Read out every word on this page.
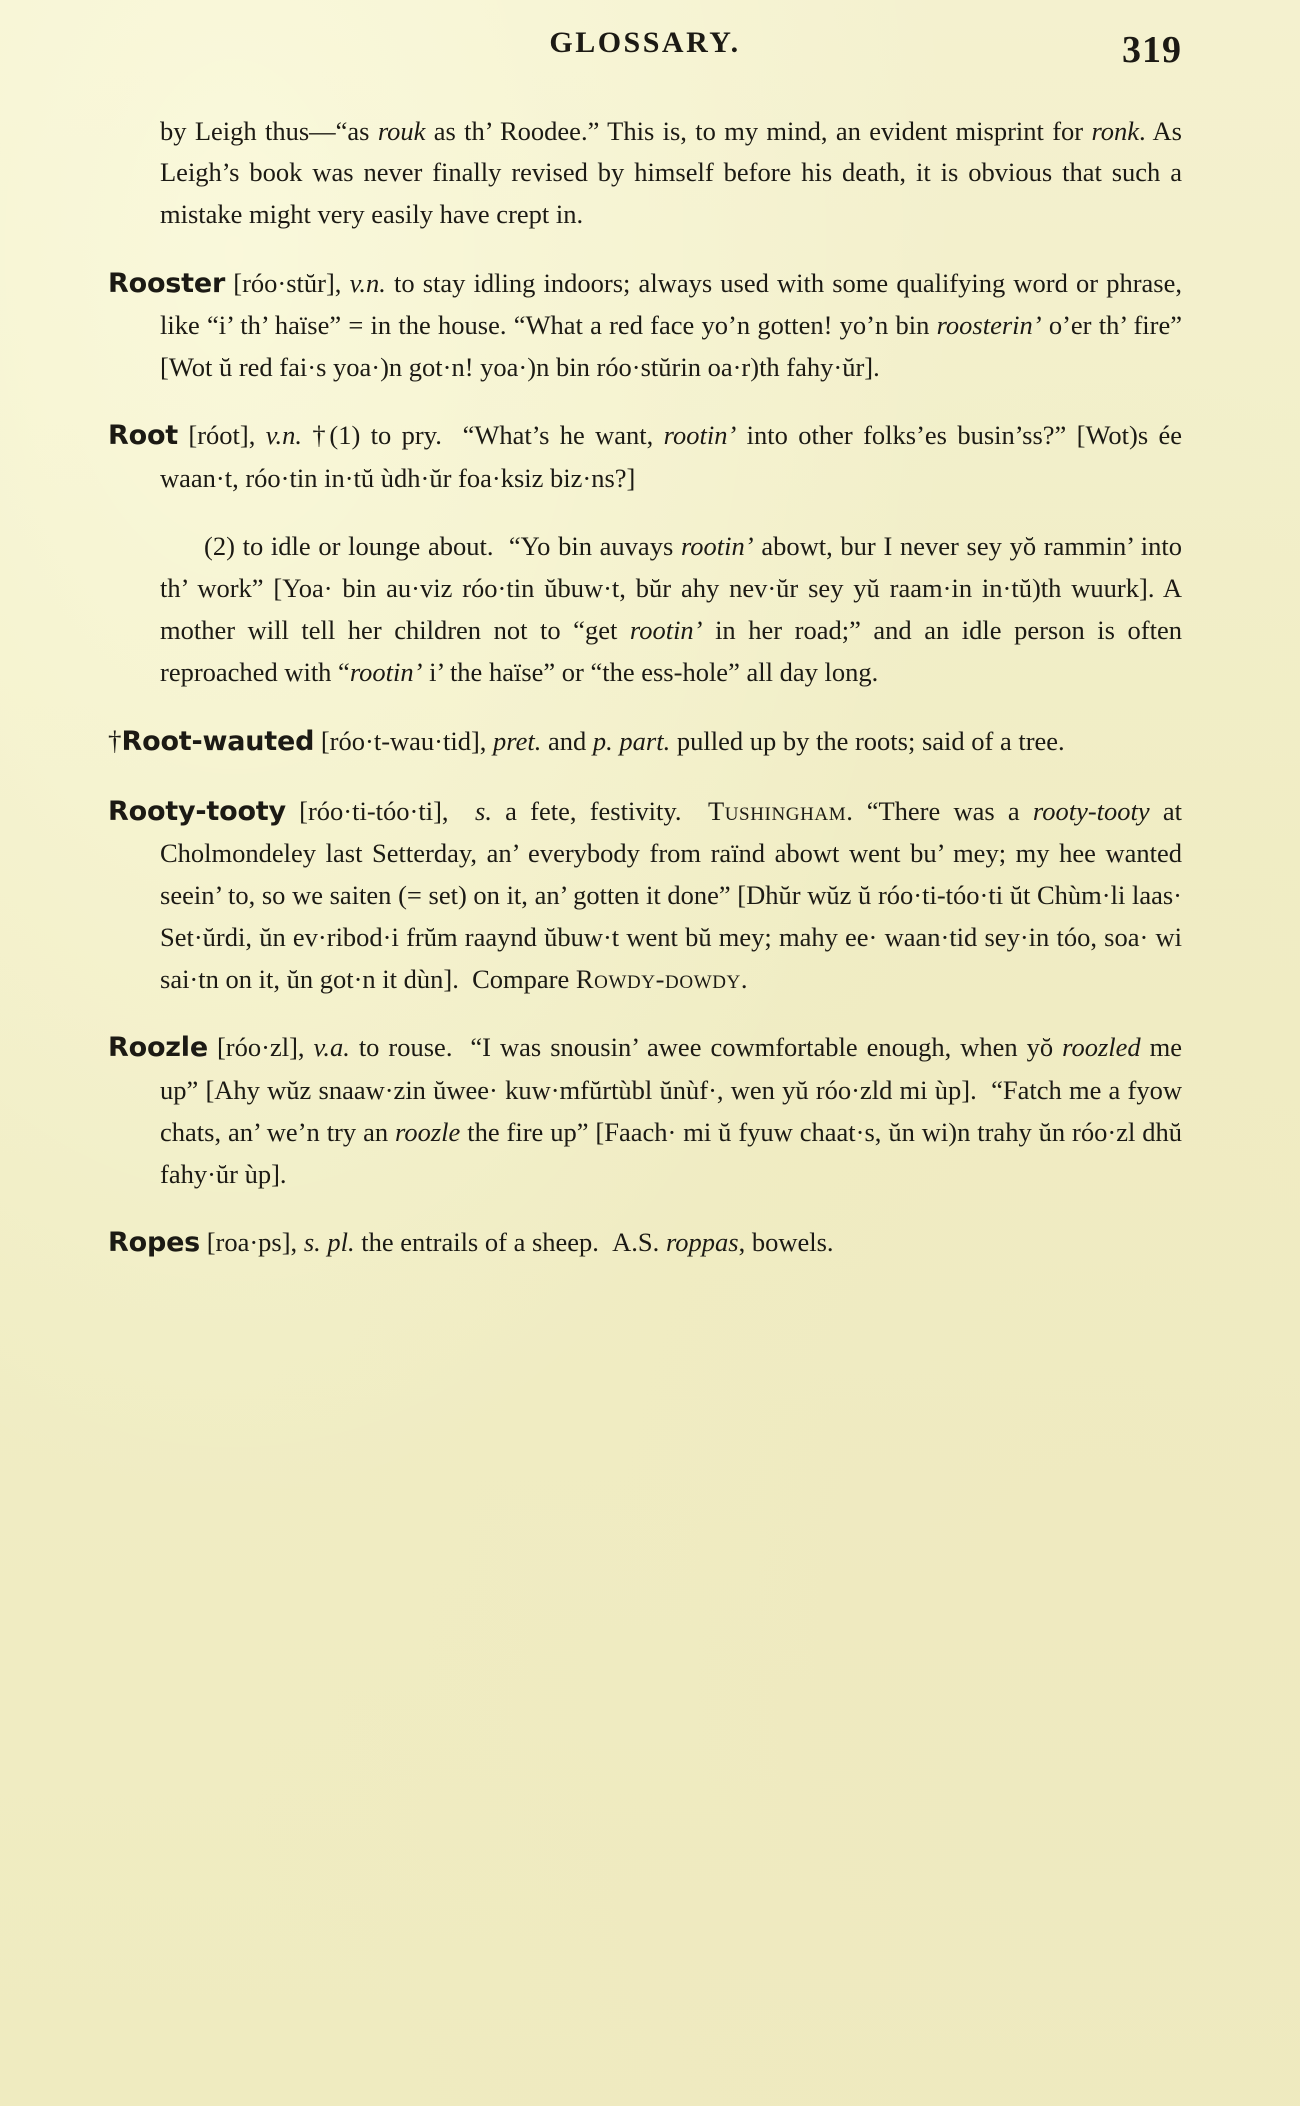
GLOSSARY.	319

by Leigh thus—“as rouk as th’ Roodee.” This is, to my mind, an evident misprint for ronk. As Leigh’s book was never finally revised by himself before his death, it is obvious that such a mistake might very easily have crept in.

Rooster [róo·stŭr], v.n. to stay idling indoors; always used with some qualifying word or phrase, like “i’ th’ haïse” = in the house. “What a red face yo’n gotten! yo’n bin roosterin’ o’er th’ fire” [Wot ŭ red fai·s yoa·)n got·n! yoa·)n bin róo·stŭrin oa·r)th fahy·ŭr].

Root [róot], v.n. †(1) to pry.  “What’s he want, rootin’ into other folks’es busin’ss?” [Wot)s ée waan·t, róo·tin in·tŭ ùdh·ŭr foa·ksiz biz·ns?]

(2) to idle or lounge about.  “Yo bin auvays rootin’ abowt, bur I never sey yŏ rammin’ into th’ work” [Yoa· bin au·viz róo·tin ŭbuw·t, bŭr ahy nev·ŭr sey yŭ raam·in in·tŭ)th wuurk]. A mother will tell her children not to “get rootin’ in her road;” and an idle person is often reproached with “rootin’ i’ the haïse” or “the ess-hole” all day long.

†Root-wauted [róo·t-wau·tid], pret. and p. part. pulled up by the roots; said of a tree.

Rooty-tooty [róo·ti-tóo·ti],  s. a fete, festivity.  Tushingham. “There was a rooty-tooty at Cholmondeley last Setterday, an’ everybody from raïnd abowt went bu’ mey; my hee wanted seein’ to, so we saiten (= set) on it, an’ gotten it done” [Dhŭr wŭz ŭ róo·ti-tóo·ti ŭt Chùm·li laas· Set·ŭrdi, ŭn ev·ribod·i frŭm raaynd ŭbuw·t went bŭ mey; mahy ee· waan·tid sey·in tóo, soa· wi sai·tn on it, ŭn got·n it dùn].  Compare Rowdy-dowdy.

Roozle [róo·zl], v.a. to rouse.  “I was snousin’ awee cowmfortable enough, when yŏ roozled me up” [Ahy wŭz snaaw·zin ŭwee· kuw·mfŭrtùbl ŭnùf·, wen yŭ róo·zld mi ùp].  “Fatch me a fyow chats, an’ we’n try an roozle the fire up” [Faach· mi ŭ fyuw chaat·s, ŭn wi)n trahy ŭn róo·zl dhŭ fahy·ŭr ùp].

Ropes [roa·ps], s. pl. the entrails of a sheep.  A.S. roppas, bowels.
